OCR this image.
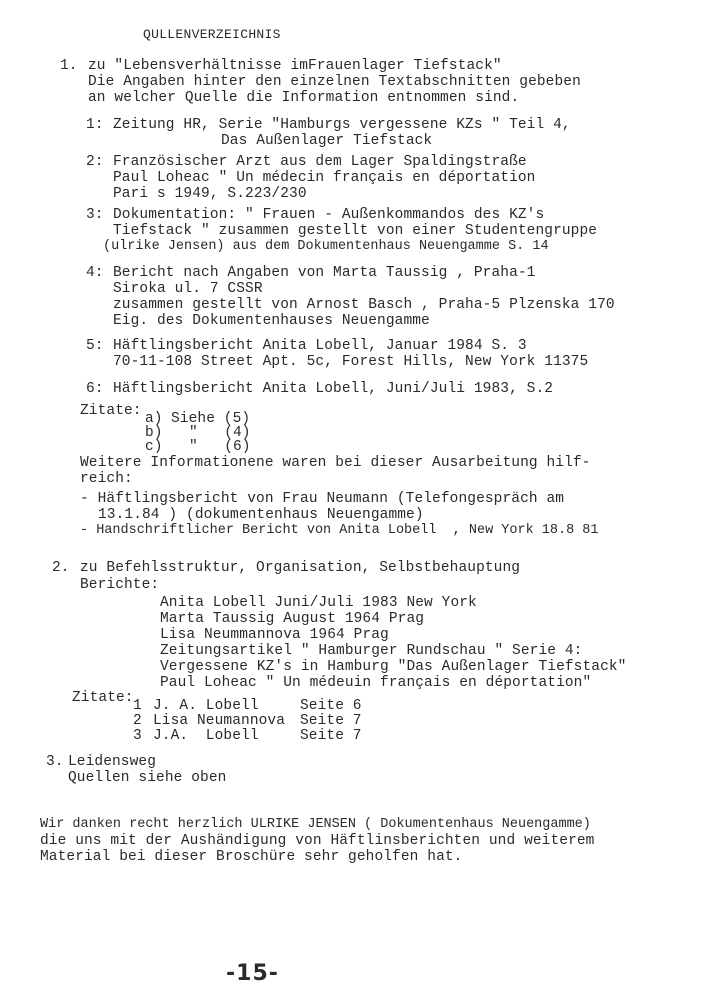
QULLENVERZEICHNIS
1. zu "Lebensverhältnisse imFrauenlager Tiefstack"
Die Angaben hinter den einzelnen Textabschnitten gebeben
an welcher Quelle die Information entnommen sind.
1: Zeitung HR, Serie "Hamburgs vergessene KZs " Teil 4,
Das Außenlager Tiefstack
2: Französischer Arzt aus dem Lager Spaldingstraße
Paul Loheac " Un médecin français en déportation
Pari s 1949, S.223/230
3: Dokumentation: " Frauen - Außenkommandos des KZ's
Tiefstack " zusammen gestellt von einer Studentengruppe
(ulrike Jensen) aus dem Dokumentenhaus Neuengamme S. 14
4: Bericht nach Angaben von Marta Taussig , Praha-1
Siroka ul. 7 CSSR
zusammen gestellt von Arnost Basch , Praha-5 Plzenska 170
Eig. des Dokumentenhauses Neuengamme
5: Häftlingsbericht Anita Lobell, Januar 1984 S. 3
70-11-108 Street Apt. 5c, Forest Hills, New York 11375
6: Häftlingsbericht Anita Lobell, Juni/Juli 1983, S.2
Zitate: a) Siehe (5)
b) "   (4)
c) "   (6)
Weitere Informationene waren bei dieser Ausarbeitung hilf-
reich:
- Häftlingsbericht von Frau Neumann (Telefongespräch am
13.1.84 ) (dokumentenhaus Neuengamme)
- Handschriftlicher Bericht von Anita Lobell  , New York 18.8 81
2. zu Befehlsstruktur, Organisation, Selbstbehauptung
Berichte:
Anita Lobell Juni/Juli 1983 New York
Marta Taussig August 1964 Prag
Lisa Neummannova 1964 Prag
Zeitungsartikel " Hamburger Rundschau " Serie 4:
Vergessene KZ's in Hamburg "Das Außenlager Tiefstack"
Paul Loheac " Un médeuin français en déportation"
Zitate: 1 J. A. Lobell	Seite 6
2 Lisa Neumannova Seite 7
3 J.A.  Lobell	Seite 7
3. Leidensweg
Quellen siehe oben
Wir danken recht herzlich ULRIKE JENSEN ( Dokumentenhaus Neuengamme)
die uns mit der Aushändigung von Häftlinsberichten und weiterem
Material bei dieser Broschüre sehr geholfen hat.
-15-
